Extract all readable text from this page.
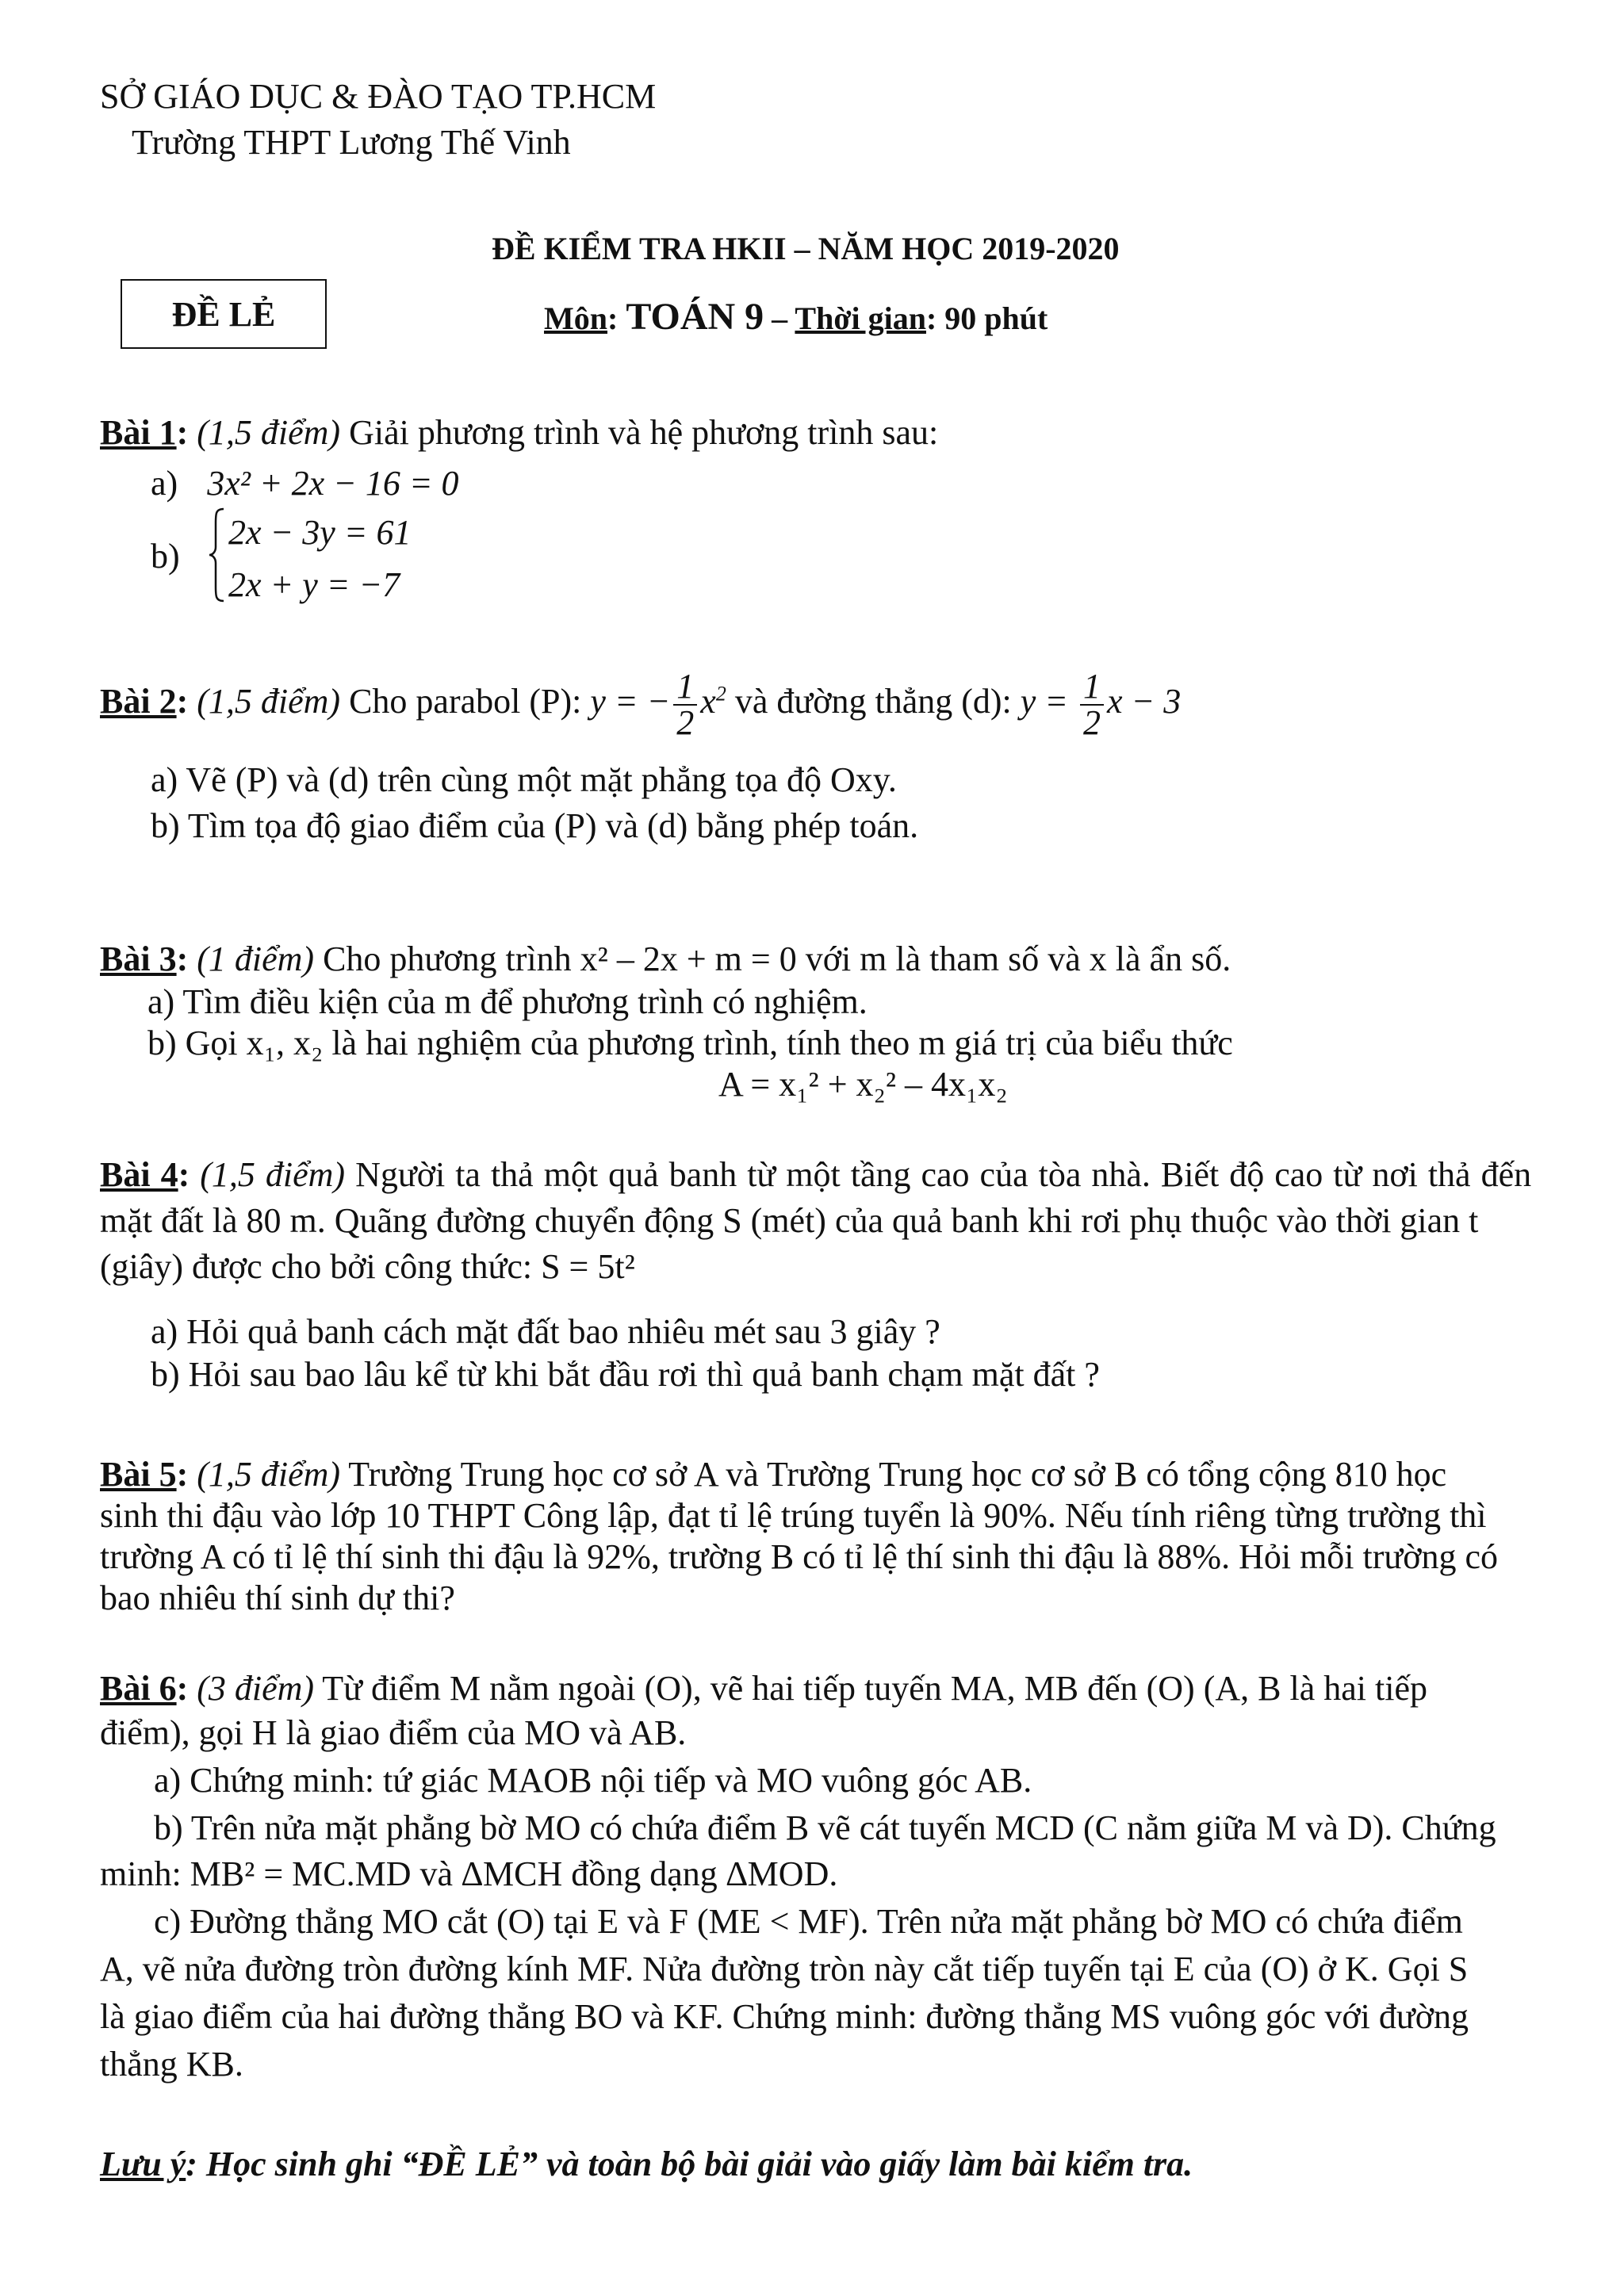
SỞ GIÁO DỤC & ĐÀO TẠO TP.HCM
Trường THPT Lương Thế Vinh
ĐỀ KIỂM TRA HKII – NĂM HỌC 2019-2020
ĐỀ LẺ	Môn: TOÁN 9 – Thời gian: 90 phút
Bài 1: (1,5 điểm) Giải phương trình và hệ phương trình sau:
a) 3x² + 2x − 16 = 0
b)
2x − 3y = 61
2x + y = −7
Bài 2: (1,5 điểm) Cho parabol (P): y = − $\frac{1}{2} x^2$ và đường thẳng (d): $y = \frac{1}{2}$ x − 3
a) Vẽ (P) và (d) trên cùng một mặt phẳng tọa độ Oxy.
b) Tìm tọa độ giao điểm của (P) và (d) bằng phép toán.
Bài 3: (1 điểm) Cho phương trình x² – 2x + m = 0 với m là tham số và x là ẩn số.
a) Tìm điều kiện của m để phương trình có nghiệm.
b) Gọi x₁, x₂ là hai nghiệm của phương trình, tính theo m giá trị của biểu thức
A = x₁² + x₂² – 4x₁x₂
Bài 4: (1,5 điểm) Người ta thả một quả banh từ một tầng cao của tòa nhà. Biết độ cao từ nơi thả đến
mặt đất là 80 m. Quãng đường chuyển động S (mét) của quả banh khi rơi phụ thuộc vào thời gian t
(giây) được cho bởi công thức: S = 5t²
a) Hỏi quả banh cách mặt đất bao nhiêu mét sau 3 giây ?
b) Hỏi sau bao lâu kể từ khi bắt đầu rơi thì quả banh chạm mặt đất ?
Bài 5: (1,5 điểm) Trường Trung học cơ sở A và Trường Trung học cơ sở B có tổng cộng 810 học
sinh thi đậu vào lớp 10 THPT Công lập, đạt tỉ lệ trúng tuyển là 90%. Nếu tính riêng từng trường thì
trường A có tỉ lệ thí sinh thi đậu là 92%, trường B có tỉ lệ thí sinh thi đậu là 88%. Hỏi mỗi trường có
bao nhiêu thí sinh dự thi?
Bài 6: (3 điểm) Từ điểm M nằm ngoài (O), vẽ hai tiếp tuyến MA, MB đến (O) (A, B là hai tiếp
điểm), gọi H là giao điểm của MO và AB.
a) Chứng minh: tứ giác MAOB nội tiếp và MO vuông góc AB.
b) Trên nửa mặt phẳng bờ MO có chứa điểm B vẽ cát tuyến MCD (C nằm giữa M và D). Chứng
minh: MB² = MC.MD và ∆MCH đồng dạng ∆MOD.
c) Đường thẳng MO cắt (O) tại E và F (ME < MF). Trên nửa mặt phẳng bờ MO có chứa điểm
A, vẽ nửa đường tròn đường kính MF. Nửa đường tròn này cắt tiếp tuyến tại E của (O) ở K. Gọi S
là giao điểm của hai đường thẳng BO và KF. Chứng minh: đường thẳng MS vuông góc với đường
thẳng KB.
Lưu ý: Học sinh ghi “ĐỀ LẺ” và toàn bộ bài giải vào giấy làm bài kiểm tra.
